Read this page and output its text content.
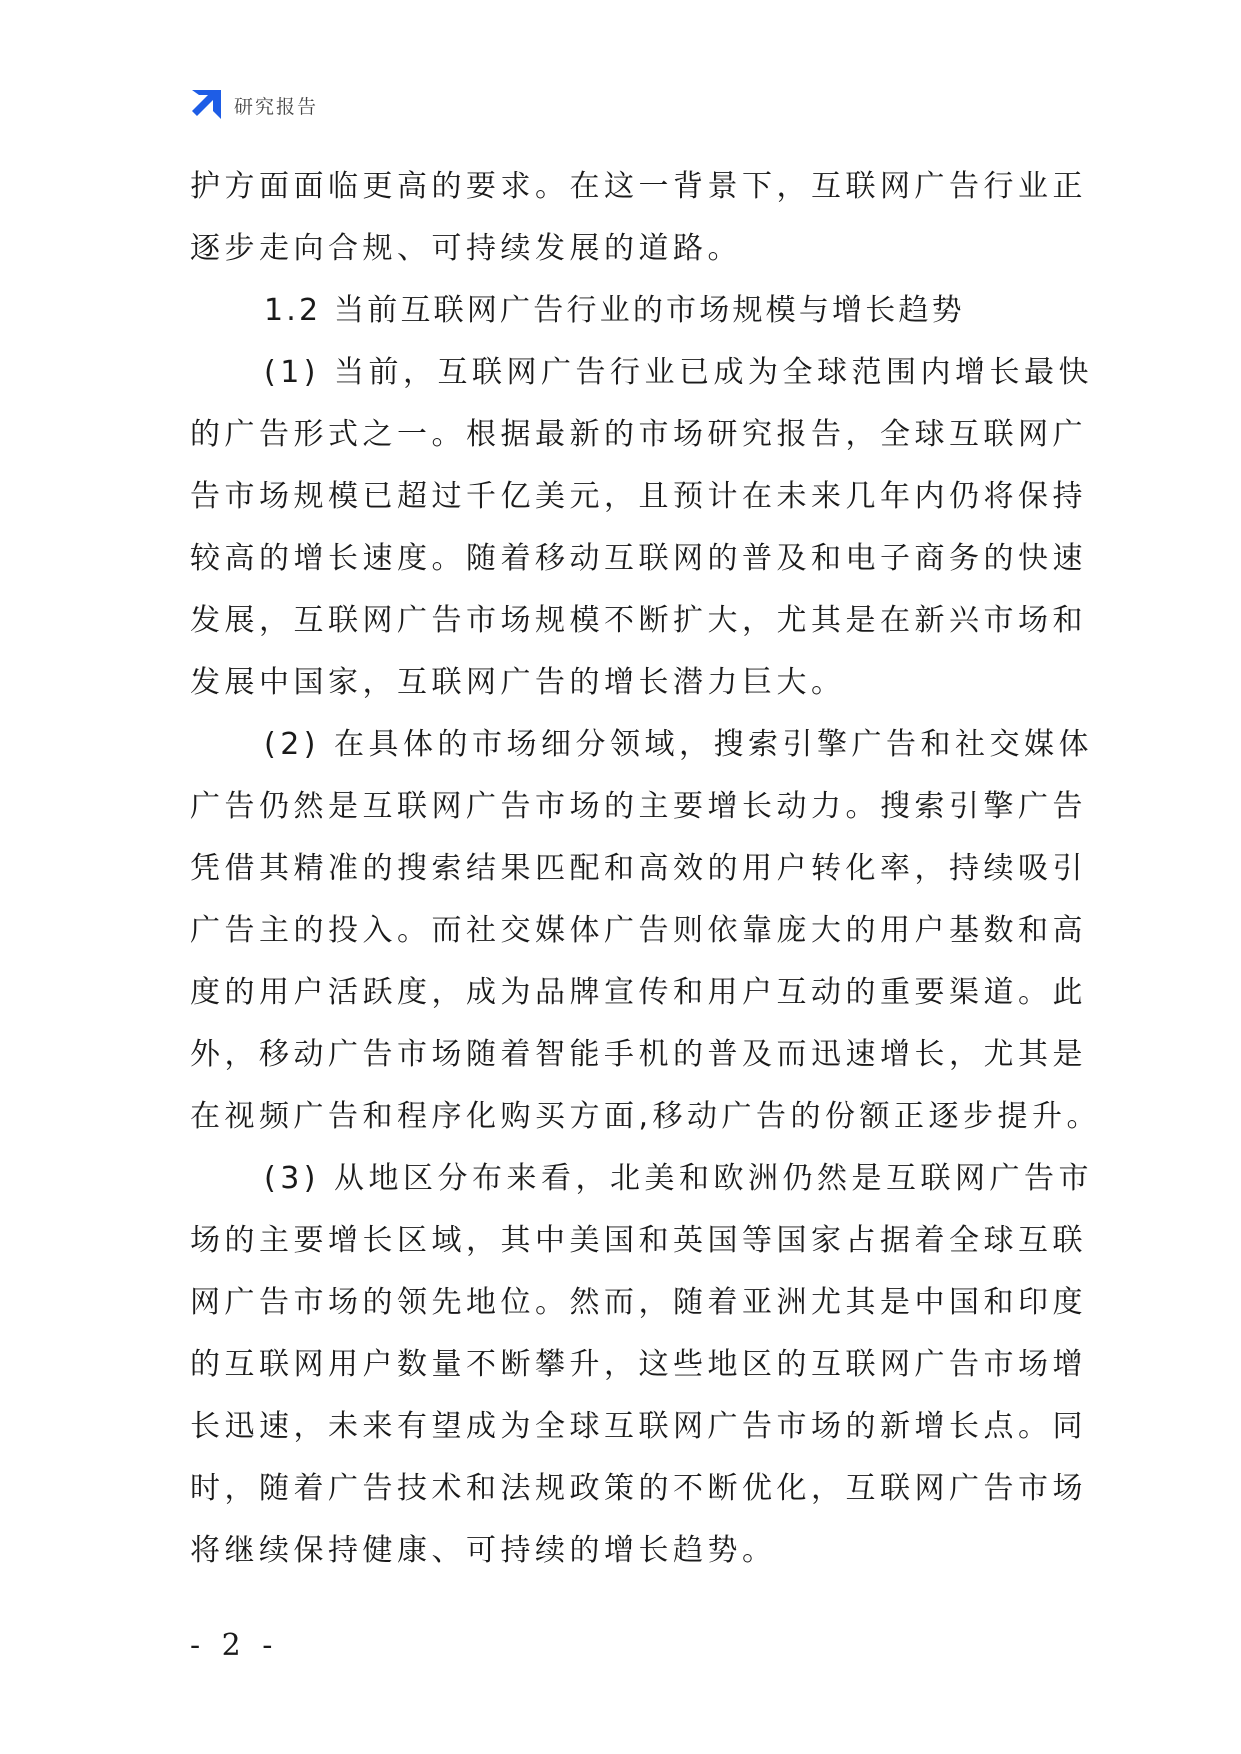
研究报告
护方面面临更高的要求。在这一背景下，互联网广告行业正
逐步走向合规、可持续发展的道路。
1.2 当前互联网广告行业的市场规模与增长趋势
(1) 当前，互联网广告行业已成为全球范围内增长最快
的广告形式之一。根据最新的市场研究报告，全球互联网广
告市场规模已超过千亿美元，且预计在未来几年内仍将保持
较高的增长速度。随着移动互联网的普及和电子商务的快速
发展，互联网广告市场规模不断扩大，尤其是在新兴市场和
发展中国家，互联网广告的增长潜力巨大。
(2) 在具体的市场细分领域，搜索引擎广告和社交媒体
广告仍然是互联网广告市场的主要增长动力。搜索引擎广告
凭借其精准的搜索结果匹配和高效的用户转化率，持续吸引
广告主的投入。而社交媒体广告则依靠庞大的用户基数和高
度的用户活跃度，成为品牌宣传和用户互动的重要渠道。此
外，移动广告市场随着智能手机的普及而迅速增长，尤其是
在视频广告和程序化购买方面,移动广告的份额正逐步提升。
(3) 从地区分布来看，北美和欧洲仍然是互联网广告市
场的主要增长区域，其中美国和英国等国家占据着全球互联
网广告市场的领先地位。然而，随着亚洲尤其是中国和印度
的互联网用户数量不断攀升，这些地区的互联网广告市场增
长迅速，未来有望成为全球互联网广告市场的新增长点。同
时，随着广告技术和法规政策的不断优化，互联网广告市场
将继续保持健康、可持续的增长趋势。
- 2 -
